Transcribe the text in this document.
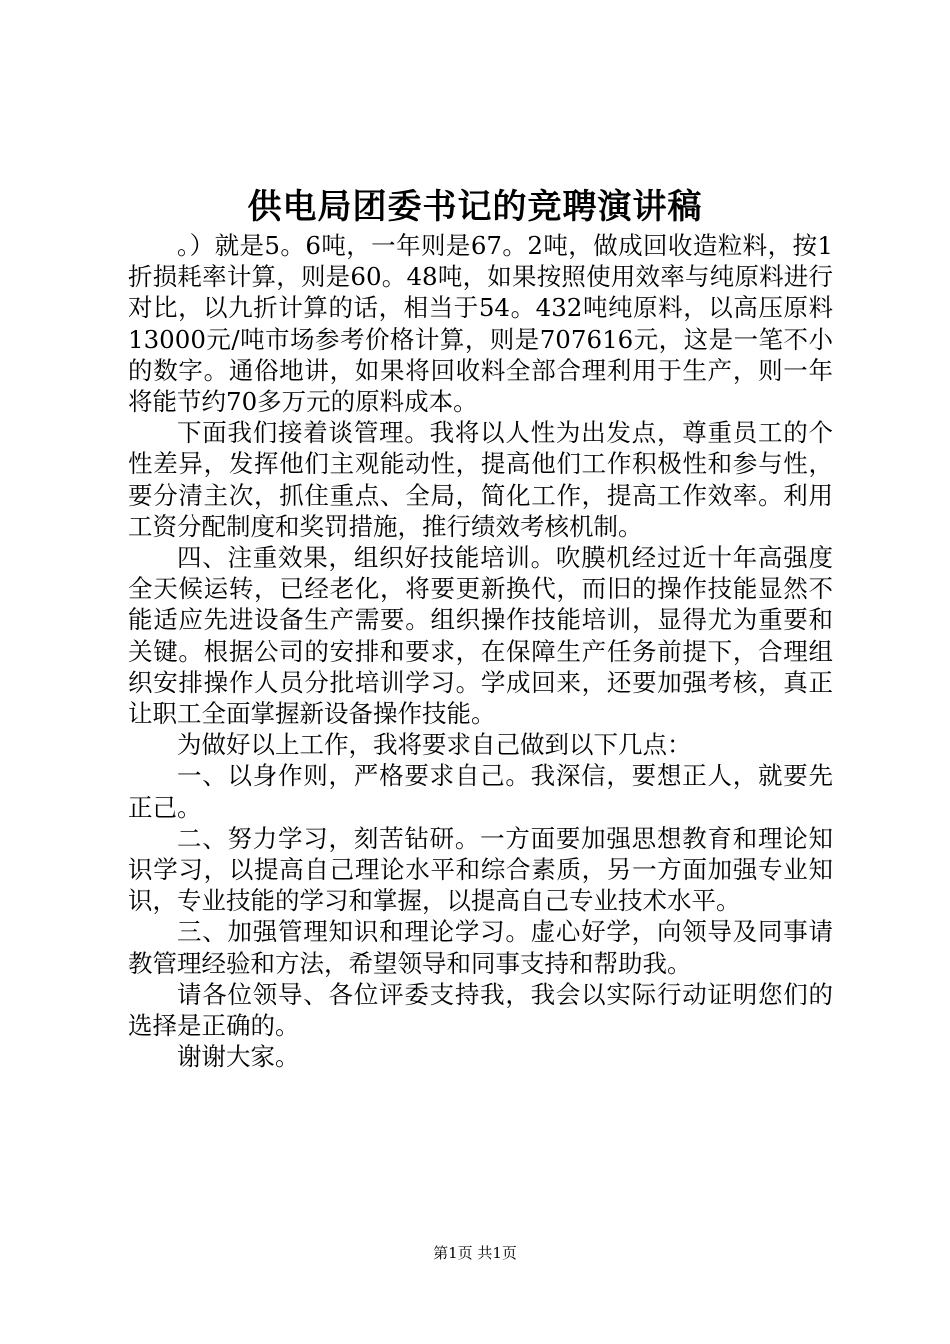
供电局团委书记的竞聘演讲稿

。）就是5。6吨，一年则是67。2吨，做成回收造粒料，按1折损耗率计算，则是60。48吨，如果按照使用效率与纯原料进行对比，以九折计算的话，相当于54。432吨纯原料，以高压原料13000元/吨市场参考价格计算，则是707616元，这是一笔不小的数字。通俗地讲，如果将回收料全部合理利用于生产，则一年将能节约70多万元的原料成本。

下面我们接着谈管理。我将以人性为出发点，尊重员工的个性差异，发挥他们主观能动性，提高他们工作积极性和参与性，要分清主次，抓住重点、全局，简化工作，提高工作效率。利用工资分配制度和奖罚措施，推行绩效考核机制。

四、注重效果，组织好技能培训。吹膜机经过近十年高强度全天候运转，已经老化，将要更新换代，而旧的操作技能显然不能适应先进设备生产需要。组织操作技能培训，显得尤为重要和关键。根据公司的安排和要求，在保障生产任务前提下，合理组织安排操作人员分批培训学习。学成回来，还要加强考核，真正让职工全面掌握新设备操作技能。

为做好以上工作，我将要求自己做到以下几点：

一、以身作则，严格要求自己。我深信，要想正人，就要先正己。

二、努力学习，刻苦钻研。一方面要加强思想教育和理论知识学习，以提高自己理论水平和综合素质，另一方面加强专业知识，专业技能的学习和掌握，以提高自己专业技术水平。

三、加强管理知识和理论学习。虚心好学，向领导及同事请教管理经验和方法，希望领导和同事支持和帮助我。

请各位领导、各位评委支持我，我会以实际行动证明您们的选择是正确的。

谢谢大家。

第1页 共1页
